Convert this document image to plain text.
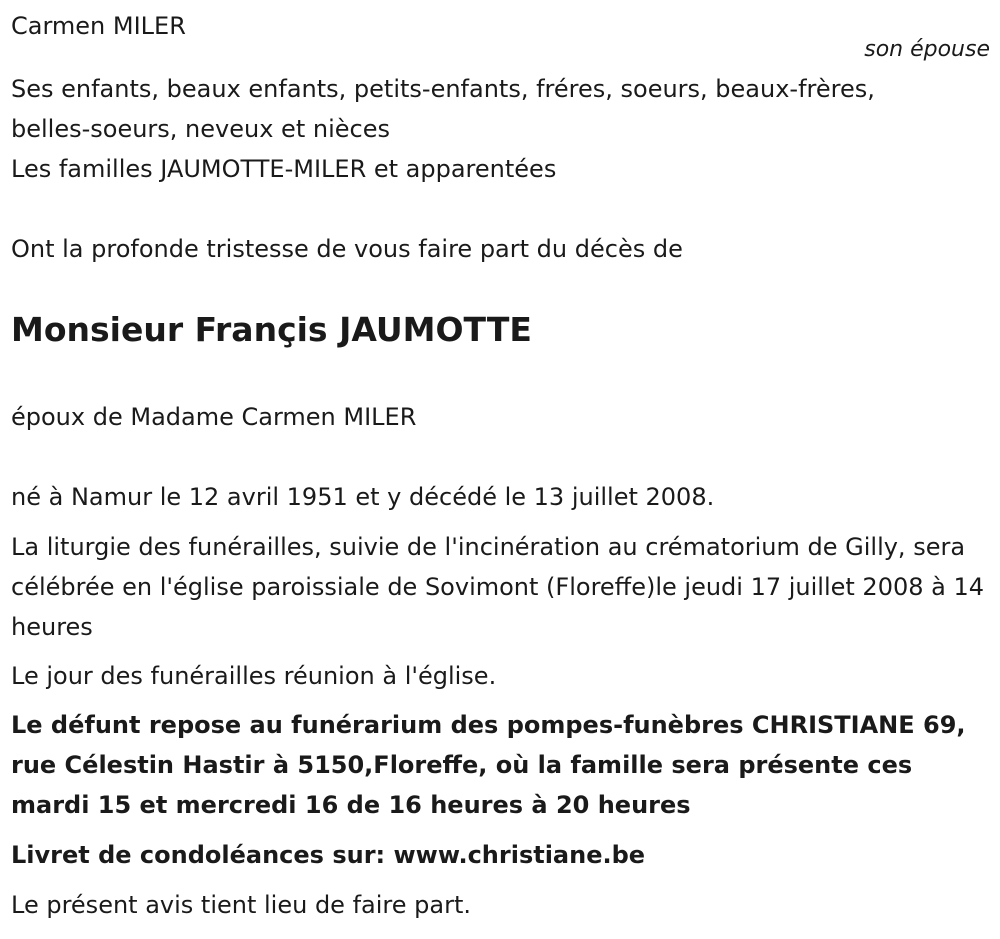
Carmen MILER
son épouse
Ses enfants, beaux enfants, petits-enfants, fréres, soeurs, beaux-frères,
belles-soeurs, neveux et nièces
Les familles JAUMOTTE-MILER et apparentées
Ont la profonde tristesse de vous faire part du décès de
Monsieur Françis JAUMOTTE
époux de Madame Carmen MILER
né à Namur le 12 avril 1951 et y décédé le 13 juillet 2008.

La liturgie des funérailles, suivie de l'incinération au crématorium de Gilly, sera célébrée en l'église paroissiale de Sovimont (Floreffe)le jeudi 17 juillet 2008 à 14 heures

Le jour des funérailles réunion à l'église.

Le défunt repose au funérarium des pompes-funèbres CHRISTIANE 69, rue Célestin Hastir à 5150,Floreffe, où la famille sera présente ces mardi 15 et mercredi 16 de 16 heures à 20 heures

Livret de condoléances sur: www.christiane.be
Le présent avis tient lieu de faire part.
